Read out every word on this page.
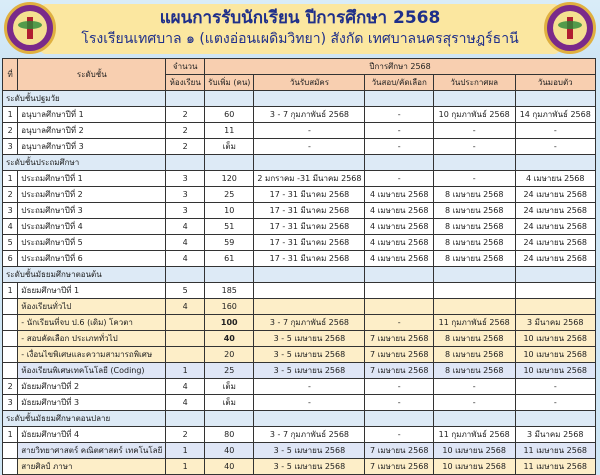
แผนการรับนักเรียน ปีการศึกษา 2568
โรงเรียนเทศบาล ๑ (แตงอ่อนเผดิมวิทยา) สังกัด เทศบาลนครสุราษฎร์ธานี
ที่	ระดับชั้น	จำนวน	ปีการศึกษา 2568				
		ห้องเรียน	รับเพิ่ม (คน)	วันรับสมัคร	วันสอบ/คัดเลือก	วันประกาศผล	วันมอบตัว
ระดับชั้นปฐมวัย							
1	อนุบาลศึกษาปีที่ 1	2	60	3 - 7 กุมภาพันธ์ 2568	-	10 กุมภาพันธ์ 2568	14 กุมภาพันธ์ 2568
2	อนุบาลศึกษาปีที่ 2	2	11	-	-	-	-
3	อนุบาลศึกษาปีที่ 3	2	เต็ม	-	-	-	-
ระดับชั้นประถมศึกษา							
1	ประถมศึกษาปีที่ 1	3	120	2 มกราคม -31 มีนาคม 2568	-	-	4 เมษายน 2568
2	ประถมศึกษาปีที่ 2	3	25	17 - 31 มีนาคม 2568	4 เมษายน 2568	8 เมษายน 2568	24 เมษายน 2568
3	ประถมศึกษาปีที่ 3	3	10	17 - 31 มีนาคม 2568	4 เมษายน 2568	8 เมษายน 2568	24 เมษายน 2568
4	ประถมศึกษาปีที่ 4	4	51	17 - 31 มีนาคม 2568	4 เมษายน 2568	8 เมษายน 2568	24 เมษายน 2568
5	ประถมศึกษาปีที่ 5	4	59	17 - 31 มีนาคม 2568	4 เมษายน 2568	8 เมษายน 2568	24 เมษายน 2568
6	ประถมศึกษาปีที่ 6	4	61	17 - 31 มีนาคม 2568	4 เมษายน 2568	8 เมษายน 2568	24 เมษายน 2568
ระดับชั้นมัธยมศึกษาตอนต้น							
1	มัธยมศึกษาปีที่ 1	5	185				
	ห้องเรียนทั่วไป	4	160				
	- นักเรียนที่จบ ป.6 (เดิม) โควตา		100	3 - 7 กุมภาพันธ์ 2568	-	11 กุมภาพันธ์ 2568	3 มีนาคม 2568
	- สอบคัดเลือก ประเภททั่วไป		40	3 - 5 เมษายน 2568	7 เมษายน 2568	8 เมษายน 2568	10 เมษายน 2568
	- เงื่อนไขพิเศษและความสามารถพิเศษ		20	3 - 5 เมษายน 2568	7 เมษายน 2568	8 เมษายน 2568	10 เมษายน 2568
	ห้องเรียนพิเศษเทคโนโลยี (Coding)	1	25	3 - 5 เมษายน 2568	7 เมษายน 2568	8 เมษายน 2568	10 เมษายน 2568
2	มัธยมศึกษาปีที่ 2	4	เต็ม	-	-	-	-
3	มัธยมศึกษาปีที่ 3	4	เต็ม	-	-	-	-
ระดับชั้นมัธยมศึกษาตอนปลาย							
1	มัธยมศึกษาปีที่ 4	2	80	3 - 7 กุมภาพันธ์ 2568	-	11 กุมภาพันธ์ 2568	3 มีนาคม 2568
	สายวิทยาศาสตร์ คณิตศาสตร์ เทคโนโลยี	1	40	3 - 5 เมษายน 2568	7 เมษายน 2568	10 เมษายน 2568	11 เมษายน 2568
	สายศิลป์ ภาษา	1	40	3 - 5 เมษายน 2568	7 เมษายน 2568	10 เมษายน 2568	11 เมษายน 2568
